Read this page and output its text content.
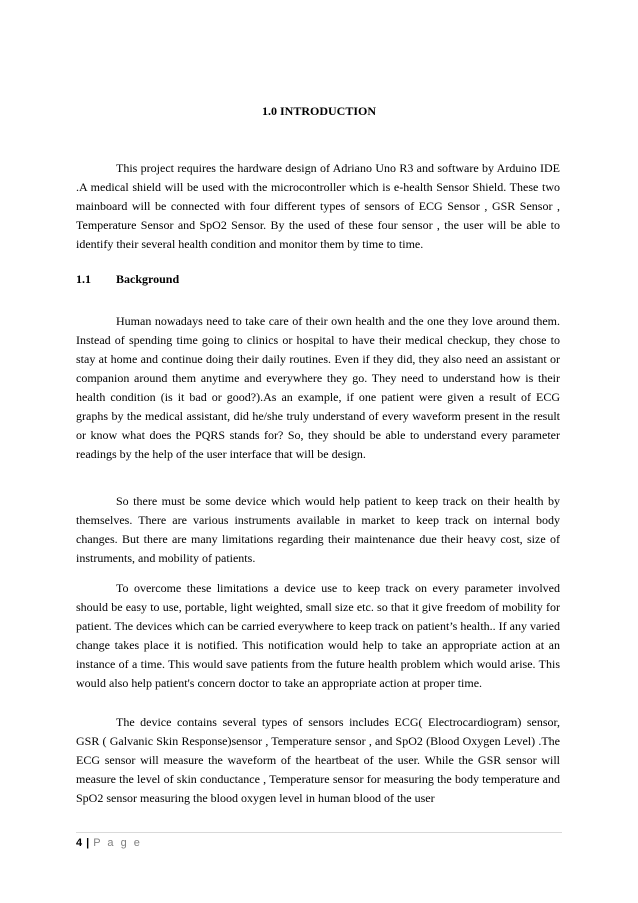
1.0 INTRODUCTION

This project requires the hardware design of Adriano Uno R3 and software by Arduino IDE .A medical shield will be used with the microcontroller which is e-health Sensor Shield. These two mainboard will be connected with four different types of sensors of ECG Sensor , GSR Sensor , Temperature Sensor and SpO2 Sensor. By the used of these four sensor , the user will be able to identify their several health condition and monitor them by time to time.

1.1 Background

Human nowadays need to take care of their own health and the one they love around them. Instead of spending time going to clinics or hospital to have their medical checkup, they chose to stay at home and continue doing their daily routines. Even if they did, they also need an assistant or companion around them anytime and everywhere they go. They need to understand how is their health condition (is it bad or good?).As an example, if one patient were given a result of ECG graphs by the medical assistant, did he/she truly understand of every waveform present in the result or know what does the PQRS stands for? So, they should be able to understand every parameter readings by the help of the user interface that will be design.

So there must be some device which would help patient to keep track on their health by themselves. There are various instruments available in market to keep track on internal body changes. But there are many limitations regarding their maintenance due their heavy cost, size of instruments, and mobility of patients.

To overcome these limitations a device use to keep track on every parameter involved should be easy to use, portable, light weighted, small size etc. so that it give freedom of mobility for patient. The devices which can be carried everywhere to keep track on patient’s health.. If any varied change takes place it is notified. This notification would help to take an appropriate action at an instance of a time. This would save patients from the future health problem which would arise. This would also help patient's concern doctor to take an appropriate action at proper time.

The device contains several types of sensors includes ECG( Electrocardiogram) sensor, GSR ( Galvanic Skin Response)sensor , Temperature sensor , and SpO2 (Blood Oxygen Level) .The ECG sensor will measure the waveform of the heartbeat of the user. While the GSR sensor will measure the level of skin conductance , Temperature sensor for measuring the body temperature and SpO2 sensor measuring the blood oxygen level in human blood of the user

4 | P a g e
